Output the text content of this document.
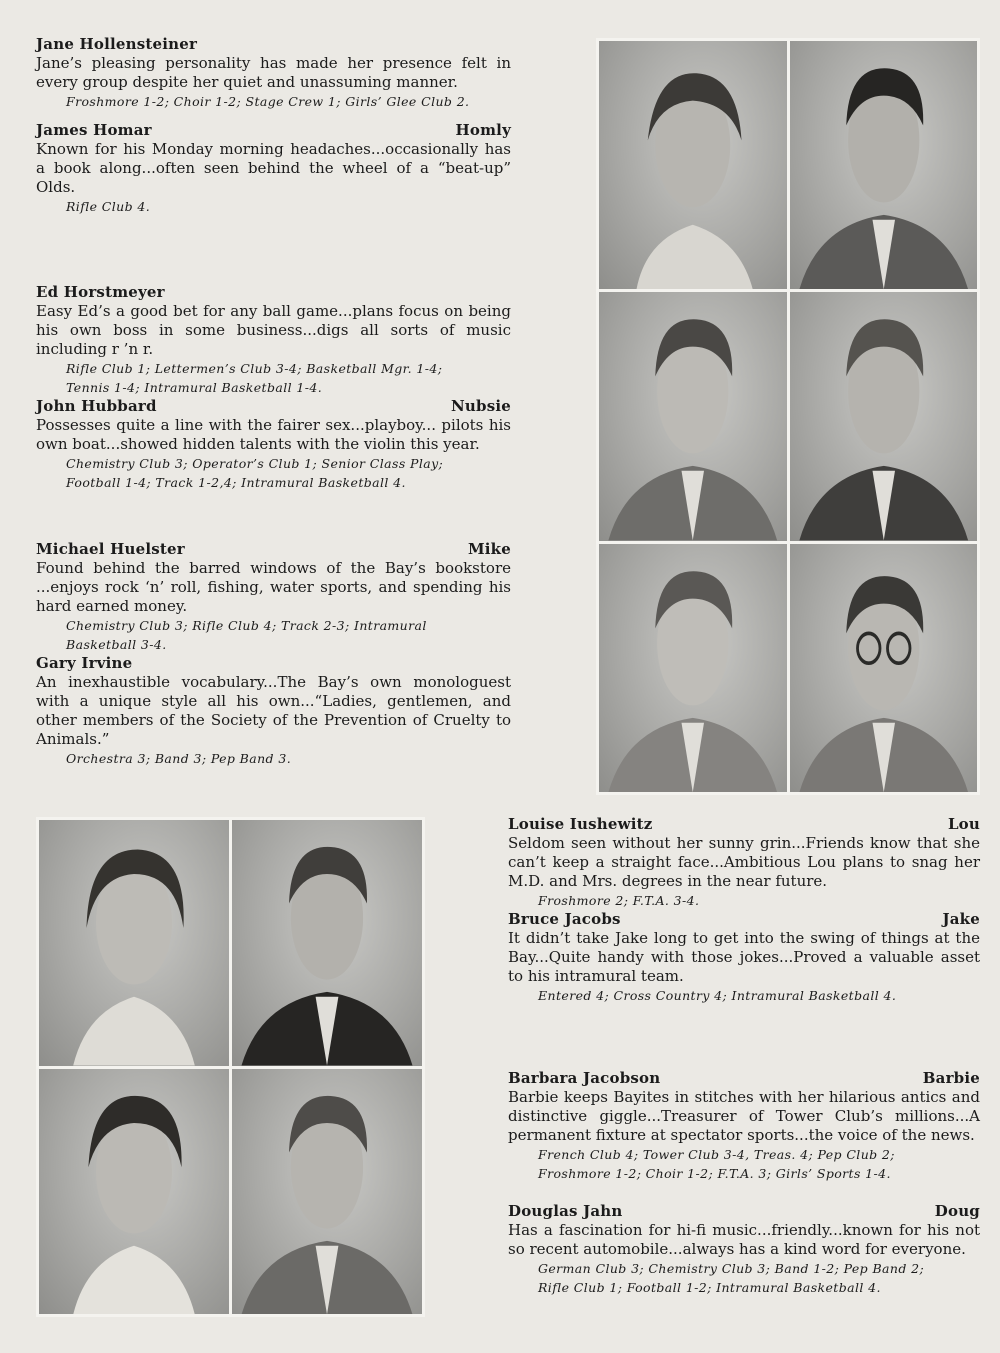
Jane Hollensteiner

Jane’s pleasing personality has made her presence felt in every group despite her quiet and unassuming manner.

Froshmore 1-2; Choir 1-2; Stage Crew 1; Girls’ Glee Club 2.

James Homar	Homly

Known for his Monday morning headaches...occasionally has a book along...often seen behind the wheel of a “beat-up” Olds.

Rifle Club 4.

Ed Horstmeyer

Easy Ed’s a good bet for any ball game...plans focus on being his own boss in some business...digs all sorts of music including r ’n r.

Rifle Club 1; Lettermen’s Club 3-4; Basketball Mgr. 1-4;

Tennis 1-4; Intramural Basketball 1-4.

John Hubbard	Nubsie

Possesses quite a line with the fairer sex...playboy... pilots his own boat...showed hidden talents with the violin this year.

Chemistry Club 3; Operator’s Club 1; Senior Class Play;

Football 1-4; Track 1-2,4; Intramural Basketball 4.

Michael Huelster	Mike

Found behind the barred windows of the Bay’s bookstore ...enjoys rock ‘n’ roll, fishing, water sports, and spending his hard earned money.

Chemistry Club 3; Rifle Club 4; Track 2-3; Intramural

Basketball 3-4.

Gary Irvine

An inexhaustible vocabulary...The Bay’s own monologuest with a unique style all his own...“Ladies, gentlemen, and other members of the Society of the Prevention of Cruelty to Animals.”

Orchestra 3; Band 3; Pep Band 3.

Louise Iushewitz	Lou

Seldom seen without her sunny grin...Friends know that she can’t keep a straight face...Ambitious Lou plans to snag her M.D. and Mrs. degrees in the near future.

Froshmore 2; F.T.A. 3-4.

Bruce Jacobs	Jake

It didn’t take Jake long to get into the swing of things at the Bay...Quite handy with those jokes...Proved a valuable asset to his intramural team.

Entered 4; Cross Country 4; Intramural Basketball 4.

Barbara Jacobson	Barbie

Barbie keeps Bayites in stitches with her hilarious antics and distinctive giggle...Treasurer of Tower Club’s millions...A permanent fixture at spectator sports...the voice of the news.

French Club 4; Tower Club 3-4, Treas. 4; Pep Club 2;

Froshmore 1-2; Choir 1-2; F.T.A. 3; Girls’ Sports 1-4.

Douglas Jahn	Doug

Has a fascination for hi-fi music...friendly...known for his not so recent automobile...always has a kind word for everyone.

German Club 3; Chemistry Club 3; Band 1-2; Pep Band 2;

Rifle Club 1; Football 1-2; Intramural Basketball 4.
